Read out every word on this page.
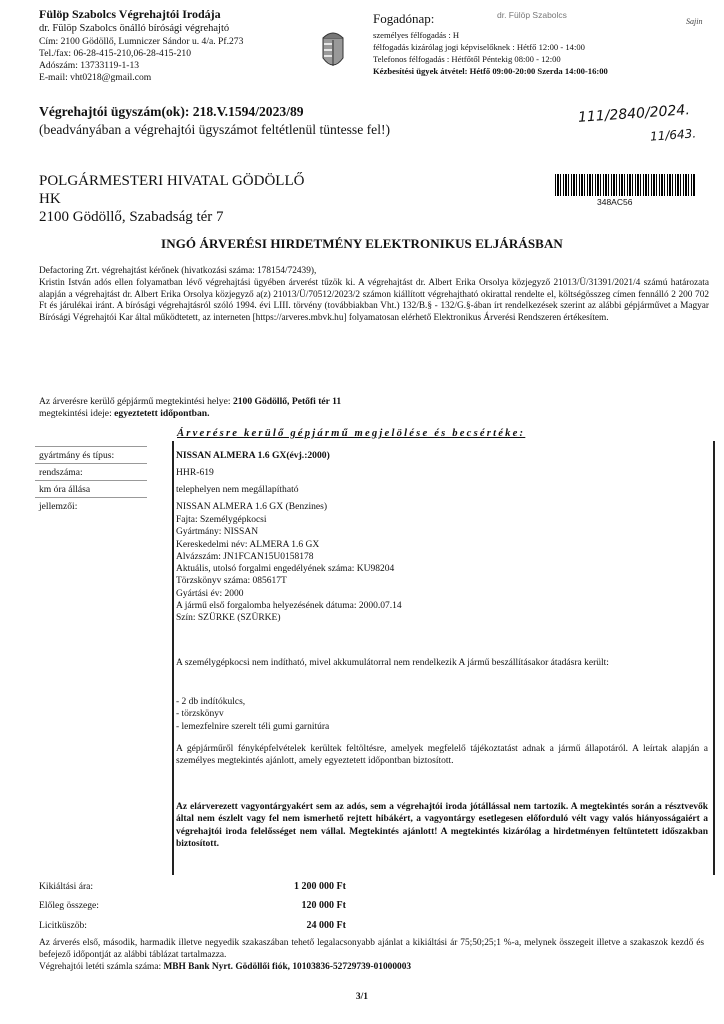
Fülöp Szabolcs Végrehajtói Irodája
dr. Fülöp Szabolcs önálló bírósági végrehajtó
Cím: 2100 Gödöllő, Lumniczer Sándor u. 4/a. Pf.273
Tel./fax: 06-28-415-210,06-28-415-210
Adószám: 13733119-1-13
E-mail: vht0218@gmail.com
Fogadónap:
személyes félfogadás : H
félfogadás kizárólag jogi képviselőknek : Hétfő 12:00 - 14:00
Telefonos félfogadás : Hétfőtől Péntekig 08:00 - 12:00
Kézbesítési ügyek átvétel: Hétfő 09:00-20:00 Szerda 14:00-16:00
dr. Fülöp Szabolcs
Sajin
Végrehajtói ügyszám(ok): 218.V.1594/2023/89
(beadványában a végrehajtói ügyszámot feltétlenül tüntesse fel!)
111/2840/2024.
11/643.
POLGÁRMESTERI HIVATAL GÖDÖLLŐ
HK
2100 Gödöllő, Szabadság tér 7
348AC56
INGÓ ÁRVERÉSI HIRDETMÉNY ELEKTRONIKUS ELJÁRÁSBAN
Defactoring Zrt. végrehajtást kérőnek (hivatkozási száma: 178154/72439),
Kristin István adós ellen folyamatban lévő végrehajtási ügyében árverést tűzök ki. A végrehajtást dr. Albert Erika Orsolya közjegyző 21013/Ü/31391/2021/4 számú határozata alapján a végrehajtást dr. Albert Erika Orsolya közjegyző a(z) 21013/Ü/70512/2023/2 számon kiállított végrehajtható okirattal rendelte el, költségösszeg címen fennálló 2 200 702 Ft és járulékai iránt. A bírósági végrehajtásról szóló 1994. évi LIII. törvény (továbbiakban Vht.) 132/B.§ - 132/G.§-ában írt rendelkezések szerint az alábbi gépjárművet a Magyar Bírósági Végrehajtói Kar által működtetett, az interneten [https://arveres.mbvk.hu] folyamatosan elérhető Elektronikus Árverési Rendszeren értékesítem.
Az árverésre kerülő gépjármű megtekintési helye: 2100 Gödöllő, Petőfi tér 11
megtekintési ideje: egyeztetett időpontban.
Árverésre kerülő gépjármű megjelölése és becsértéke:
gyártmány és típus:	NISSAN ALMERA 1.6 GX(évj.:2000)
rendszáma:	HHR-619
km óra állása	telephelyen nem megállapítható
jellemzői:	NISSAN ALMERA 1.6 GX (Benzines)
Fajta: Személygépkocsi
Gyártmány: NISSAN
Kereskedelmi név: ALMERA 1.6 GX
Alvázszám: JN1FCAN15U0158178
Aktuális, utolsó forgalmi engedélyének száma: KU98204
Törzskönyv száma: 085617T
Gyártási év: 2000
A jármű első forgalomba helyezésének dátuma: 2000.07.14
Szín: SZÜRKE (SZÜRKE)
A személygépkocsi nem indítható, mivel akkumulátorral nem rendelkezik A jármű beszállításakor átadásra került:
- 2 db indítókulcs,
- törzskönyv
- lemezfelnire szerelt téli gumi garnitúra
A gépjárműről fényképfelvételek kerültek feltöltésre, amelyek megfelelő tájékoztatást adnak a jármű állapotáról. A leírtak alapján a személyes megtekintés ajánlott, amely egyeztetett időpontban biztosított.
Az elárverezett vagyontárgyakért sem az adós, sem a végrehajtói iroda jótállással nem tartozik. A megtekintés során a résztvevők által nem észlelt vagy fel nem ismerhető rejtett hibákért, a vagyontárgy esetlegesen előforduló vélt vagy valós hiányosságaiért a végrehajtói iroda felelősséget nem vállal. Megtekintés ajánlott! A megtekintés kizárólag a hirdetményen feltüntetett időszakban biztosított.
Kikiáltási ára:	1 200 000 Ft
Előleg összege:	120 000 Ft
Licitküszöb:	24 000 Ft
Az árverés első, második, harmadik illetve negyedik szakaszában tehető legalacsonyabb ajánlat a kikiáltási ár 75;50;25;1 %-a, melynek összegeit illetve a szakaszok kezdő és befejező időpontját az alábbi táblázat tartalmazza.
Végrehajtói letéti számla száma: MBH Bank Nyrt. Gödöllői fiók, 10103836-52729739-01000003
3/1
